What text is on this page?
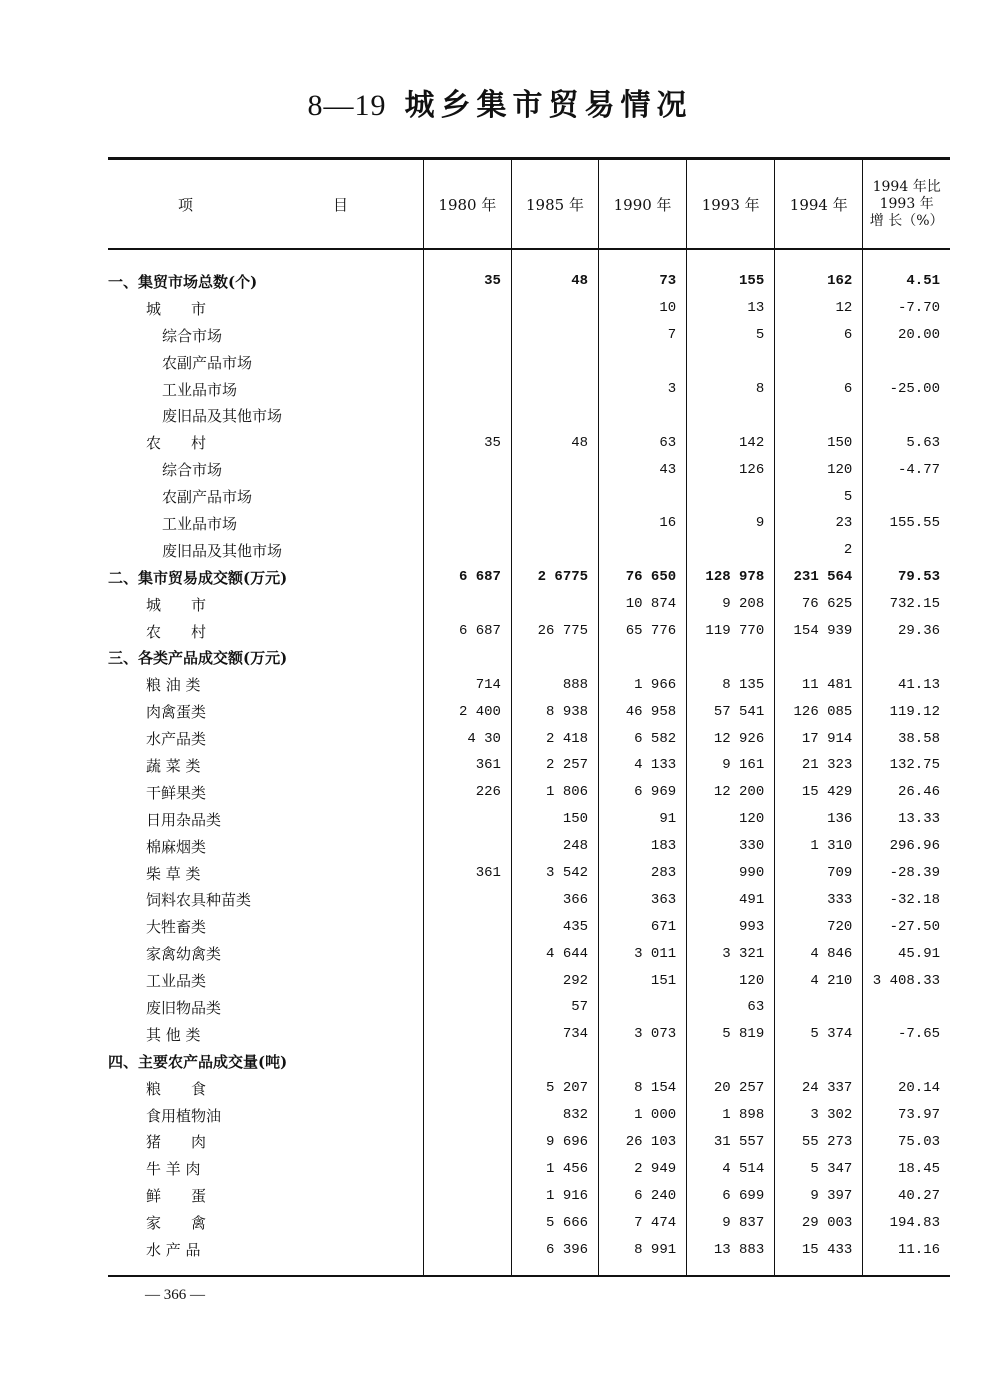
8—19 城乡集市贸易情况
项 目	1980 年	1985 年	1990 年	1993 年	1994 年	1994 年比
1993 年
增 长（%）

一、集贸市场总数(个)	35	48	73	155	162	4.51
城　　市			10	13	12	-7.70
综合市场			7	5	6	20.00
农副产品市场						
工业品市场			3	8	6	-25.00
废旧品及其他市场						
农　　村	35	48	63	142	150	5.63
综合市场			43	126	120	-4.77
农副产品市场					5	
工业品市场			16	9	23	155.55
废旧品及其他市场					2	
二、集市贸易成交额(万元)	6 687	2 6775	76 650	128 978	231 564	79.53
城　　市			10 874	9 208	76 625	732.15
农　　村	6 687	26 775	65 776	119 770	154 939	29.36
三、各类产品成交额(万元)						
粮 油 类	714	888	1 966	8 135	11 481	41.13
肉禽蛋类	2 400	8 938	46 958	57 541	126 085	119.12
水产品类	4 30	2 418	6 582	12 926	17 914	38.58
蔬 菜 类	361	2 257	4 133	9 161	21 323	132.75
干鲜果类	226	1 806	6 969	12 200	15 429	26.46
日用杂品类		150	91	120	136	13.33
棉麻烟类		248	183	330	1 310	296.96
柴 草 类	361	3 542	283	990	709	-28.39
饲料农具种苗类		366	363	491	333	-32.18
大牲畜类		435	671	993	720	-27.50
家禽幼禽类		4 644	3 011	3 321	4 846	45.91
工业品类		292	151	120	4 210	3 408.33
废旧物品类		57		63		
其 他 类		734	3 073	5 819	5 374	-7.65
四、主要农产品成交量(吨)						
粮　　食		5 207	8 154	20 257	24 337	20.14
食用植物油		832	1 000	1 898	3 302	73.97
猪　　肉		9 696	26 103	31 557	55 273	75.03
牛 羊 肉		1 456	2 949	4 514	5 347	18.45
鲜　　蛋		1 916	6 240	6 699	9 397	40.27
家　　禽		5 666	7 474	9 837	29 003	194.83
水 产 品		6 396	8 991	13 883	15 433	11.16
— 366 —
